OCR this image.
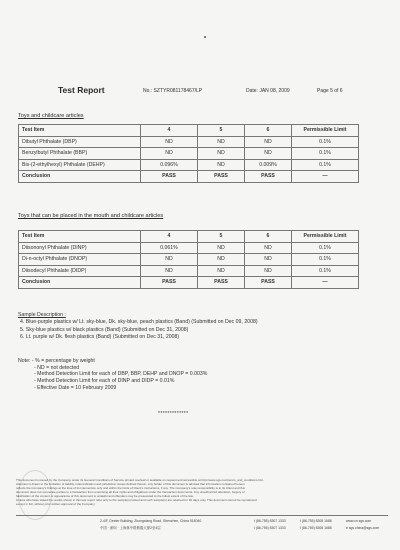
Test Report	No.: SZTYR081178467/LP	Date: JAN 08, 2009	Page 5 of 6
Toys and childcare articles
Test Item	4	5	6	Permissible Limit
Dibutyl Phthalate (DBP)	ND	ND	ND	0.1%
Benzylbutyl Phthalate (BBP)	ND	ND	ND	0.1%
Bis-(2-ethylhexyl) Phthalate (DEHP)	0.096%	ND	0.009%	0.1%
Conclusion	PASS	PASS	PASS	—
Toys that can be placed in the mouth and childcare articles
Test Item	4	5	6	Permissible Limit
Diisononyl Phthalate (DINP)	0.061%	ND	ND	0.1%
Di-n-octyl Phthalate (DNOP)	ND	ND	ND	0.1%
Diisodecyl Phthalate (DIDP)	ND	ND	ND	0.1%
Conclusion	PASS	PASS	PASS	—
Sample Description :
4. Blue-purple plastics w/ Lt. sky-blue, Dk. sky-blue, peach plastics (Band) (Submitted on Dec 09, 2008)
5. Sky-blue plastics w/ black plastics (Band) (Submitted on Dec 31, 2008)
6. Lt. purple w/ Dk. flesh plastics (Band) (Submitted on Dec 31, 2008)
Note: - % = percentage by weight
- ND = not detected
- Method Detection Limit for each of DBP, BBP, DEHP and DNOP = 0.003%
- Method Detection Limit for each of DINP and DIDP = 0.01%
- Effective Date = 10 February 2009
*************
This document is issued by the Company under its General Conditions of Service printed overleaf or available on request and accessible at http://www.sgs.com/terms_and_conditions.htm.
Attention is drawn to the limitation of liability, indemnification and jurisdiction issues defined therein. Any holder of this document is advised that information contained hereon
reflects the Company's findings at the time of its intervention only and within the limits of Client's instructions, if any. The Company's sole responsibility is to its Client and this
document does not exonerate parties to a transaction from exercising all their rights and obligations under the transaction documents. Any unauthorized alteration, forgery or
falsification of the content or appearance of this document is unlawful and offenders may be prosecuted to the fullest extent of the law.
Unless otherwise stated the results shown in this test report refer only to the sample(s) tested and such sample(s) are retained for 30 days only. This document cannot be reproduced
except in full, without prior written approval of the Company.
2-4/F, Dexter Building, Zhongxiang Road, Shenzhen, China 518040
中国 · 深圳 · 上海林中路鼎鑫大厦2至4层
t (86-755) 8307 1333
t (86-755) 8307 1333
f (86-755) 8308 1688
f (86-755) 8308 1688
www.cn.sgs.com
e sgs.china@sgs.com
